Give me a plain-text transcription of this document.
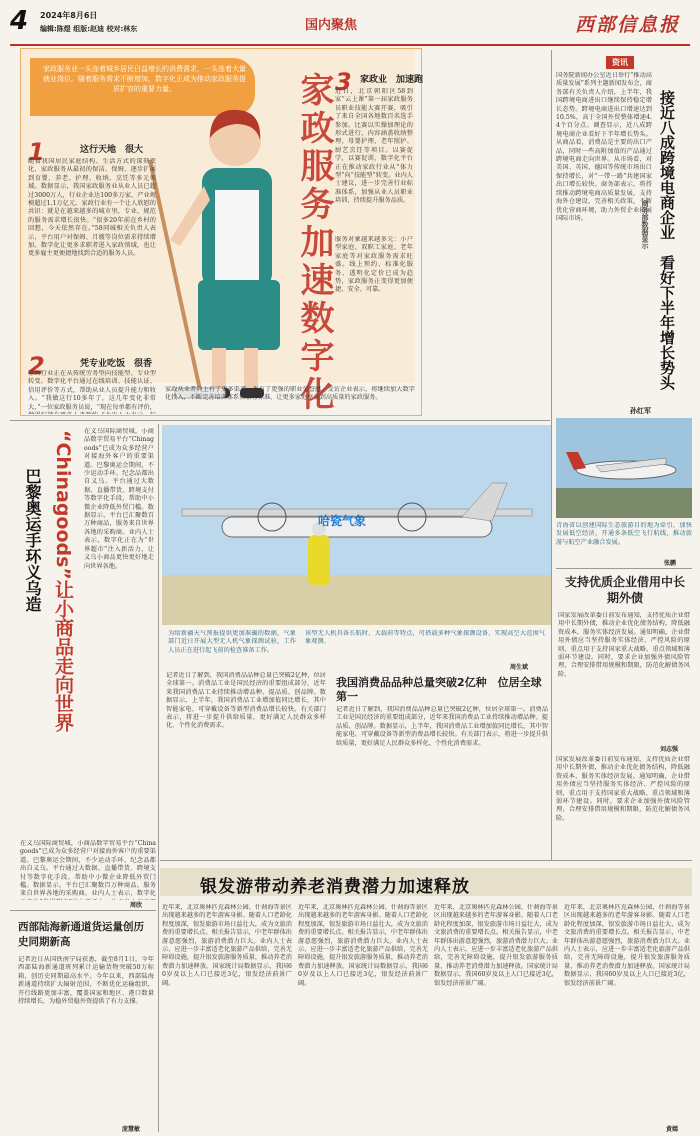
4 2024年8月6日
编辑:陈煜 组版:赵迪 校对:林东	国内聚焦	西部信息报
家政服务业一头连着城乡居民日益增长的消费需求，一头连着大量就业岗位。随着服务需求不断增加，数字化正成为推动家政服务提质扩容的重要力量。	家政服务加速数字化
1	这行天地　很大
随着我国居民家庭结构、生活方式的深刻变化，家政服务从最初的保洁、保姆，逐步扩展到育婴、养老、护理、收纳、烹饪等多元领域。数据显示，我国家政服务业从业人员已超过3000万人，行业企业达100多万家，产业规模超过1.1万亿元。家政行业有一个让人欣慰的共识：就是在越来越多的城市里，专业、规范的服务需求增长很快。“很多20年前在乡村的回想，今天依然存在。”58同城相关负责人表示，平台用户对保姆、月嫂等岗位需求持续增加。数字化让更多求职者进入家政领域，也让更多雇主更便捷地找到合适的服务人员。
2	凭专业吃饭　很香
家政行业正在从传统劳务型向技能型、专业型转变。数字化平台通过在线培训、技能认证、信用评价等方式，帮助从业人员提升能力和收入。“我做这行10多年了，这几年变化非常大，”一位家政服务员说，“现在每单都有评价，
3 家政业　加速跑
近日，北京朝阳区58到家“云上课”第一届家政服务员职业技能大赛开赛，吸引了来自全国各地数百名选手参加。比赛以实操加理论的形式进行，内容涵盖收纳整理、母婴护理、老年照护、厨艺烹饪等项目。以赛促学，以赛促训，数字化平台正在推动家政行业从“体力型”向“技能型”转变。业内人士建议，进一步完善行业标准体系，加强从业人员职业培训，持续提升服务品质。
服务对象越来越多元：小户型家庭、双职工家庭、老年家庭等对家政服务需求旺盛。线上预约、标准化服务、透明化定价已成为趋势，家政服务正变得更加便捷、安全、可靠。
家政从业者向上有了更多渠道，也有了更强的职业荣誉感。受访企业表示，将继续加大数字化投入，不断完善培训体系和服务标准，让更多家庭享受到高质量的家政服务。
资讯
国务院新闻办公室近日举行“推动高质量发展”系列主题新闻发布会，商务部有关负责人介绍，上半年，我国跨境电商进出口继续保持稳定增长态势。跨境电商进出口增速达到10.5%，高于全国外贸整体增速4.4个百分点。调查显示，近八成跨境电商企业看好下半年增长势头。从商品看，消费品是主要的出口产品，同时一些高附加值的产品通过跨境电商走向世界。从市场看，对美国、英国、德国等传统市场出口保持增长，对“一带一路”共建国家出口增长较快。商务部表示，将持续推动跨境电商高质量发展，支持海外仓建设，完善相关政策，不断优化营商环境，助力外贸企业拓展国际市场。	接近八成跨境电商企业　看好下半年增长势头
商务部数据显示
孙红军
青海省以创建国际生态旅游目的地为牵引，加快发展低空经济，开通多条低空飞行航线，推动旅游与航空产业融合发展。
张鹏
支持优质企业借用中长期外债
国家发展改革委日前发布通知，支持优质企业借用中长期外债，推动企业优化债务结构，降低融资成本，服务实体经济发展。通知明确，企业借用外债应当坚持服务实体经济、严控风险的原则，重点用于支持国家重大战略、重点领域和薄弱环节建设。同时，要求企业加强外债风险管理，合理安排借用规模和期限，防范化解债务风险。
刘志强
“Chinagoods”让小商品走向世界
巴黎奥运手环义乌造
在义乌国际商贸城，小商品数字贸易平台“Chinagoods”已成为众多经营户对接海外客户的重要渠道。巴黎奥运会期间，不少运动手环、纪念品都出自义乌。平台通过大数据、直播带货、跨境支付等数字化手段，帮助中小微企业降低外贸门槛。数据显示，平台已汇聚数百万种商品，服务来自世界各地的采购商。业内人士表示，数字化正在为“世界超市”注入新活力，让义乌小商品更快更好地走向世界各地。
在义乌国际商贸城，小商品数字贸易平台“Chinagoods”已成为众多经营户对接海外客户的重要渠道。巴黎奥运会期间，不少运动手环、纪念品都出自义乌。平台通过大数据、直播带货、跨境支付等数字化手段，帮助中小微企业降低外贸门槛。数据显示，平台已汇聚数百万种商品，服务来自世界各地的采购商。业内人士表示，数字化
周欣
哈瓷气象
为给新疆天气预报提供更加准确的数据，气象部门近日开展大型无人机气象探测试验，工作人员正在进行起飞前的检查准备工作。
该型无人机具备长航时、大载荷等特点，可搭载多种气象探测设备，实现高空大范围气象观测。
周生斌
记者近日了解到，我国消费品品种总量已突破2亿种，位居全球第一。消费品工业是国民经济的重要组成部分，近年来我国消费品工业持续推动增品种、提品质、创品牌。数据显示，上半年，我国消费品工业增加值同比增长，其中智能家电、可穿戴设备等新型消费品增长较快。有关部门表示，将进一步提升供给质量，更好满足人民群众多样化、个性化消费需求。
我国消费品品种总量突破2亿种　位居全球第一
记者近日了解到，我国消费品品种总量已突破2亿种，位居全球第一。消费品工业是国民经济的重要组成部分，近年来我国消费品工业持续推动增品种、提品质、创品牌。数据显示，上半年，我国消费品工业增加值同比增长，其中智能家电、可穿戴设备等新型消费品增长较快。有关部门表示，将进一步提升供给质量，更好满足人民群众多样化、个性化消费需求。
国家发展改革委日前发布通知，支持优质企业借用中长期外债，推动企业优化债务结构，降低融资成本，服务实体经济发展。通知明确，企业借用外债应当坚持服务实体经济、严控风险的原则，重点用于支持国家重大战略、重点领域和薄弱环节建设。同时，要求企业加强外债风险管理，合理安排借用规模和期限，防范化解债务风险。
银发游带动养老消费潜力加速释放
近年来，北京奥林匹克森林公园、什刹海等景区出现越来越多的老年游客身影。随着人口老龄化程度加深，银发旅游市场日益壮大，成为文旅消费的重要增长点。相关报告显示，中老年群体出游意愿强烈，旅游消费潜力巨大。业内人士表示，应进一步丰富适老化旅游产品供给，完善无障碍设施，提升银发旅游服务质量，推动养老消费潜力加速释放。国家统计局数据显示，我国60岁及以上人口已接近3亿，银发经济前景广阔。
近年来，北京奥林匹克森林公园、什刹海等景区出现越来越多的老年游客身影。随着人口老龄化程度加深，银发旅游市场日益壮大，成为文旅消费的重要增长点。相关报告显示，中老年群体出游意愿强烈，旅游消费潜力巨大。业内人士表示，应进一步丰富适老化旅游产品供给，完善无障碍设施，提升银发旅游服务质量，推动养老消费潜力加速释放。国家统计局数据显示，我国60岁及以上人口已接近3亿，银发经济前景广阔。
近年来，北京奥林匹克森林公园、什刹海等景区出现越来越多的老年游客身影。随着人口老龄化程度加深，银发旅游市场日益壮大，成为文旅消费的重要增长点。相关报告显示，中老年群体出游意愿强烈，旅游消费潜力巨大。业内人士表示，应进一步丰富适老化旅游产品供给，完善无障碍设施，提升银发旅游服务质量，推动养老消费潜力加速释放。国家统计局数据显示，我国60岁及以上人口已接近3亿，银发经济前景广阔。
近年来，北京奥林匹克森林公园、什刹海等景区出现越来越多的老年游客身影。随着人口老龄化程度加深，银发旅游市场日益壮大，成为文旅消费的重要增长点。相关报告显示，中老年群体出游意愿强烈，旅游消费潜力巨大。业内人士表示，应进一步丰富适老化旅游产品供给，完善无障碍设施，提升银发旅游服务质量，推动养老消费潜力加速释放。国家统计局数据显示，我国60岁及以上人口已接近3亿，银发经济前景广阔。
黄嫣
西部陆海新通道货运量创历史同期新高
记者近日从国铁南宁局获悉，截至8月1日，今年西部陆海新通道班列累计运输货物突破50万标箱，创历史同期最高水平。今年以来，西部陆海新通道持续扩大辐射范围，不断优化运输组织，开行线路更加丰富，覆盖国家和地区、港口数量持续增长，为稳外贸稳外资提供了有力支撑。
庞慧敏
